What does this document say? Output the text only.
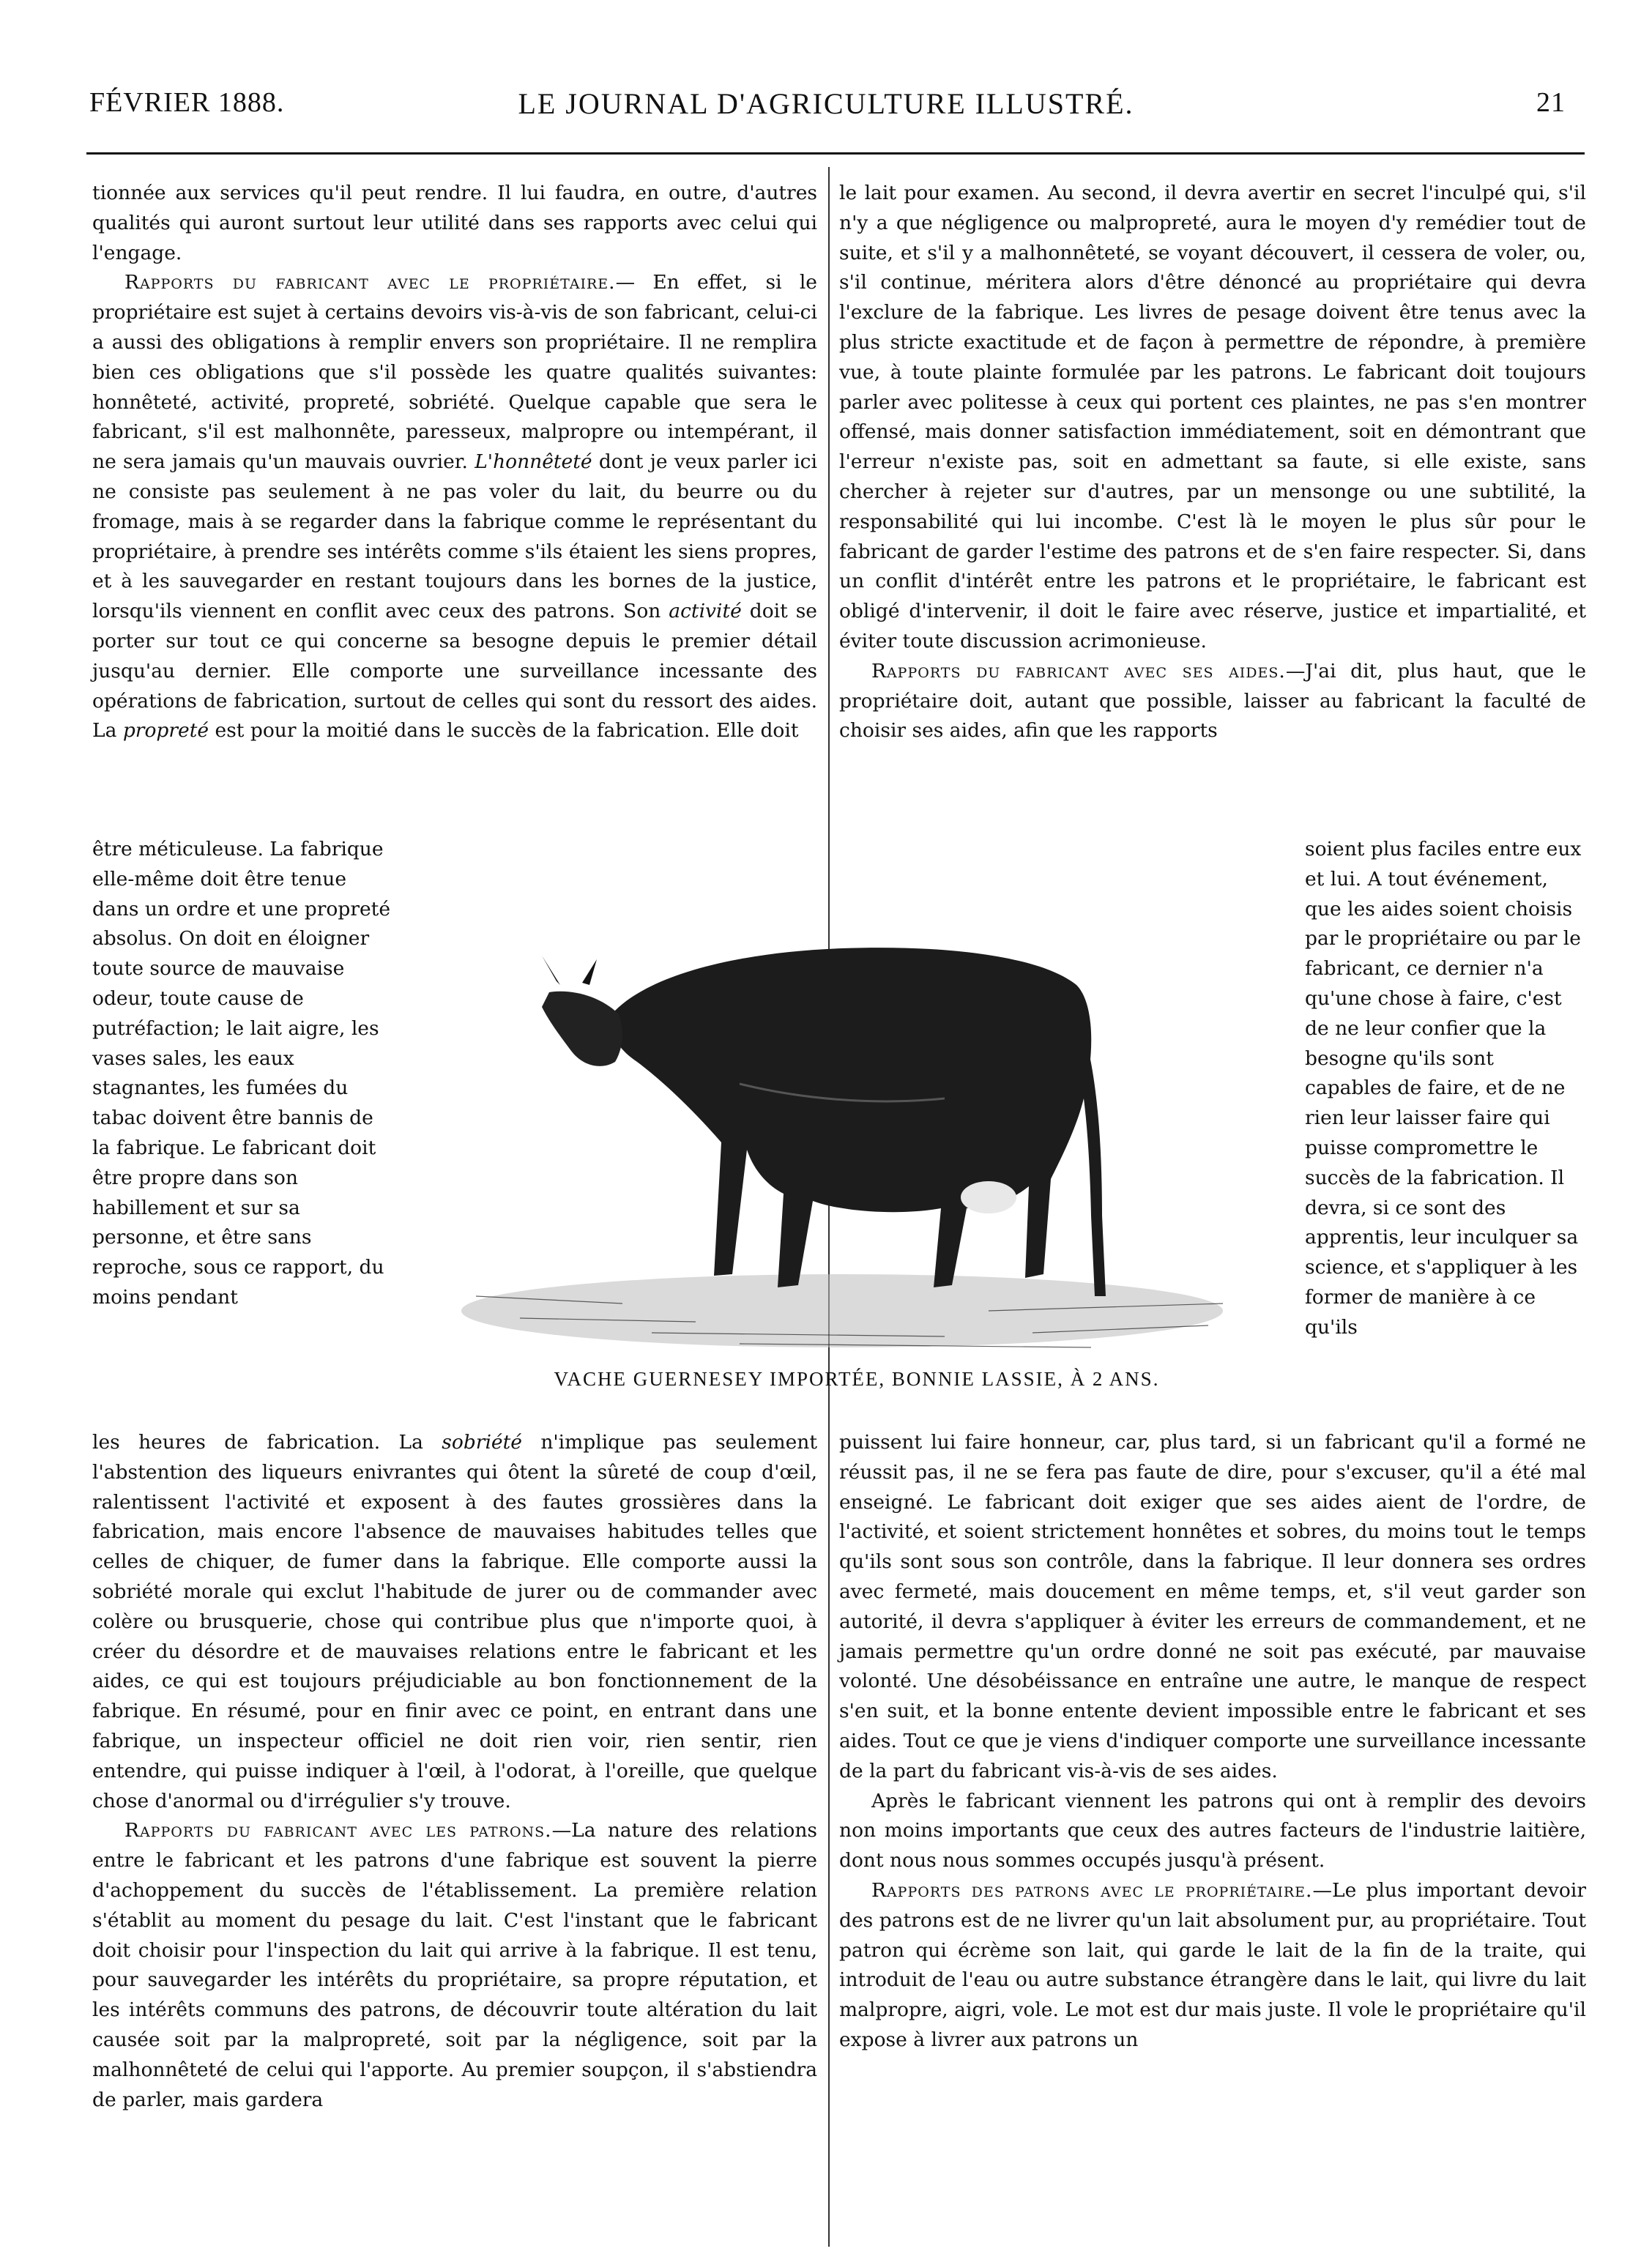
FÉVRIER 1888.	LE JOURNAL D'AGRICULTURE ILLUSTRÉ.	21

tionnée aux services qu'il peut rendre. Il lui faudra, en outre, d'autres qualités qui auront surtout leur utilité dans ses rapports avec celui qui l'engage.

Rapports du fabricant avec le propriétaire.— En effet, si le propriétaire est sujet à certains devoirs vis-à-vis de son fabricant, celui-ci a aussi des obligations à remplir envers son propriétaire. Il ne remplira bien ces obligations que s'il possède les quatre qualités suivantes: honnêteté, activité, propreté, sobriété. Quelque capable que sera le fabricant, s'il est malhonnête, paresseux, malpropre ou intempérant, il ne sera jamais qu'un mauvais ouvrier. L'honnêteté dont je veux parler ici ne consiste pas seulement à ne pas voler du lait, du beurre ou du fromage, mais à se regarder dans la fabrique comme le représentant du propriétaire, à prendre ses intérêts comme s'ils étaient les siens propres, et à les sauvegarder en restant toujours dans les bornes de la justice, lorsqu'ils viennent en conflit avec ceux des patrons. Son activité doit se porter sur tout ce qui concerne sa besogne depuis le premier détail jusqu'au dernier. Elle comporte une surveillance incessante des opérations de fabrication, surtout de celles qui sont du ressort des aides. La propreté est pour la moitié dans le succès de la fabrication. Elle doit

le lait pour examen. Au second, il devra avertir en secret l'inculpé qui, s'il n'y a que négligence ou malpropreté, aura le moyen d'y remédier tout de suite, et s'il y a malhonnêteté, se voyant découvert, il cessera de voler, ou, s'il continue, méritera alors d'être dénoncé au propriétaire qui devra l'exclure de la fabrique. Les livres de pesage doivent être tenus avec la plus stricte exactitude et de façon à permettre de répondre, à première vue, à toute plainte formulée par les patrons. Le fabricant doit toujours parler avec politesse à ceux qui portent ces plaintes, ne pas s'en montrer offensé, mais donner satisfaction immédiatement, soit en démontrant que l'erreur n'existe pas, soit en admettant sa faute, si elle existe, sans chercher à rejeter sur d'autres, par un mensonge ou une subtilité, la responsabilité qui lui incombe. C'est là le moyen le plus sûr pour le fabricant de garder l'estime des patrons et de s'en faire respecter. Si, dans un conflit d'intérêt entre les patrons et le propriétaire, le fabricant est obligé d'intervenir, il doit le faire avec réserve, justice et impartialité, et éviter toute discussion acrimonieuse.

Rapports du fabricant avec ses aides.—J'ai dit, plus haut, que le propriétaire doit, autant que possible, laisser au fabricant la faculté de choisir ses aides, afin que les rapports

être méticuleuse. La fabrique elle-même doit être tenue dans un ordre et une propreté absolus. On doit en éloigner toute source de mauvaise odeur, toute cause de putréfaction; le lait aigre, les vases sales, les eaux stagnantes, les fumées du tabac doivent être bannis de la fabrique. Le fabricant doit être propre dans son habillement et sur sa personne, et être sans reproche, sous ce rapport, du moins pendant

soient plus faciles entre eux et lui. A tout événement, que les aides soient choisis par le propriétaire ou par le fabricant, ce dernier n'a qu'une chose à faire, c'est de ne leur confier que la besogne qu'ils sont capables de faire, et de ne rien leur laisser faire qui puisse compromettre le succès de la fabrication. Il devra, si ce sont des apprentis, leur inculquer sa science, et s'appliquer à les former de manière à ce qu'ils

VACHE GUERNESEY IMPORTÉE, BONNIE LASSIE, À 2 ANS.

les heures de fabrication. La sobriété n'implique pas seulement l'abstention des liqueurs enivrantes qui ôtent la sûreté de coup d'œil, ralentissent l'activité et exposent à des fautes grossières dans la fabrication, mais encore l'absence de mauvaises habitudes telles que celles de chiquer, de fumer dans la fabrique. Elle comporte aussi la sobriété morale qui exclut l'habitude de jurer ou de commander avec colère ou brusquerie, chose qui contribue plus que n'importe quoi, à créer du désordre et de mauvaises relations entre le fabricant et les aides, ce qui est toujours préjudiciable au bon fonctionnement de la fabrique. En résumé, pour en finir avec ce point, en entrant dans une fabrique, un inspecteur officiel ne doit rien voir, rien sentir, rien entendre, qui puisse indiquer à l'œil, à l'odorat, à l'oreille, que quelque chose d'anormal ou d'irrégulier s'y trouve.

Rapports du fabricant avec les patrons.—La nature des relations entre le fabricant et les patrons d'une fabrique est souvent la pierre d'achoppement du succès de l'établissement. La première relation s'établit au moment du pesage du lait. C'est l'instant que le fabricant doit choisir pour l'inspection du lait qui arrive à la fabrique. Il est tenu, pour sauvegarder les intérêts du propriétaire, sa propre réputation, et les intérêts communs des patrons, de découvrir toute altération du lait causée soit par la malpropreté, soit par la négligence, soit par la malhonnêteté de celui qui l'apporte. Au premier soupçon, il s'abstiendra de parler, mais gardera

puissent lui faire honneur, car, plus tard, si un fabricant qu'il a formé ne réussit pas, il ne se fera pas faute de dire, pour s'excuser, qu'il a été mal enseigné. Le fabricant doit exiger que ses aides aient de l'ordre, de l'activité, et soient strictement honnêtes et sobres, du moins tout le temps qu'ils sont sous son contrôle, dans la fabrique. Il leur donnera ses ordres avec fermeté, mais doucement en même temps, et, s'il veut garder son autorité, il devra s'appliquer à éviter les erreurs de commandement, et ne jamais permettre qu'un ordre donné ne soit pas exécuté, par mauvaise volonté. Une désobéissance en entraîne une autre, le manque de respect s'en suit, et la bonne entente devient impossible entre le fabricant et ses aides. Tout ce que je viens d'indiquer comporte une surveillance incessante de la part du fabricant vis-à-vis de ses aides.

Après le fabricant viennent les patrons qui ont à remplir des devoirs non moins importants que ceux des autres facteurs de l'industrie laitière, dont nous nous sommes occupés jusqu'à présent.

Rapports des patrons avec le propriétaire.—Le plus important devoir des patrons est de ne livrer qu'un lait absolument pur, au propriétaire. Tout patron qui écrème son lait, qui garde le lait de la fin de la traite, qui introduit de l'eau ou autre substance étrangère dans le lait, qui livre du lait malpropre, aigri, vole. Le mot est dur mais juste. Il vole le propriétaire qu'il expose à livrer aux patrons un
